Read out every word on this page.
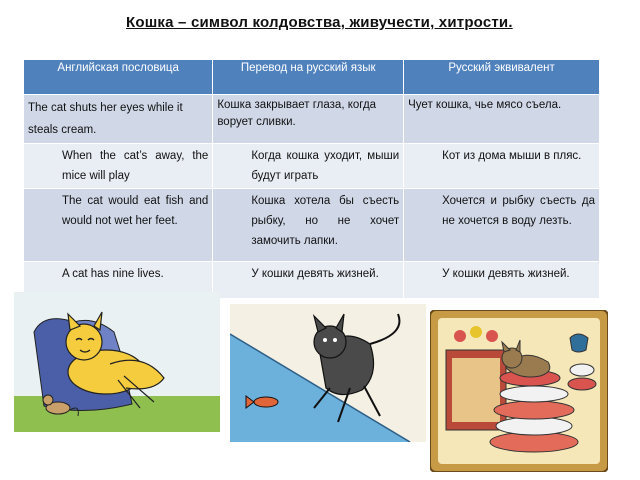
Кошка – символ колдовства, живучести, хитрости.
Английская пословица	Перевод на русский язык	Русский эквивалент
The cat shuts her eyes while it steals cream.	Кошка закрывает глаза, когда ворует сливки.	Чует кошка, чье мясо съела.

When the cat’s away, the mice will play	Когда кошка уходит, мыши будут играть	Кот из дома мыши в пляс.

The cat would eat fish and would not wet her feet.	Кошка хотела бы съесть рыбку, но не хочет замочить лапки.	Хочется и рыбку съесть да не хочется в воду лезть.

A cat has nine lives.	У кошки девять жизней.	У кошки девять жизней.
